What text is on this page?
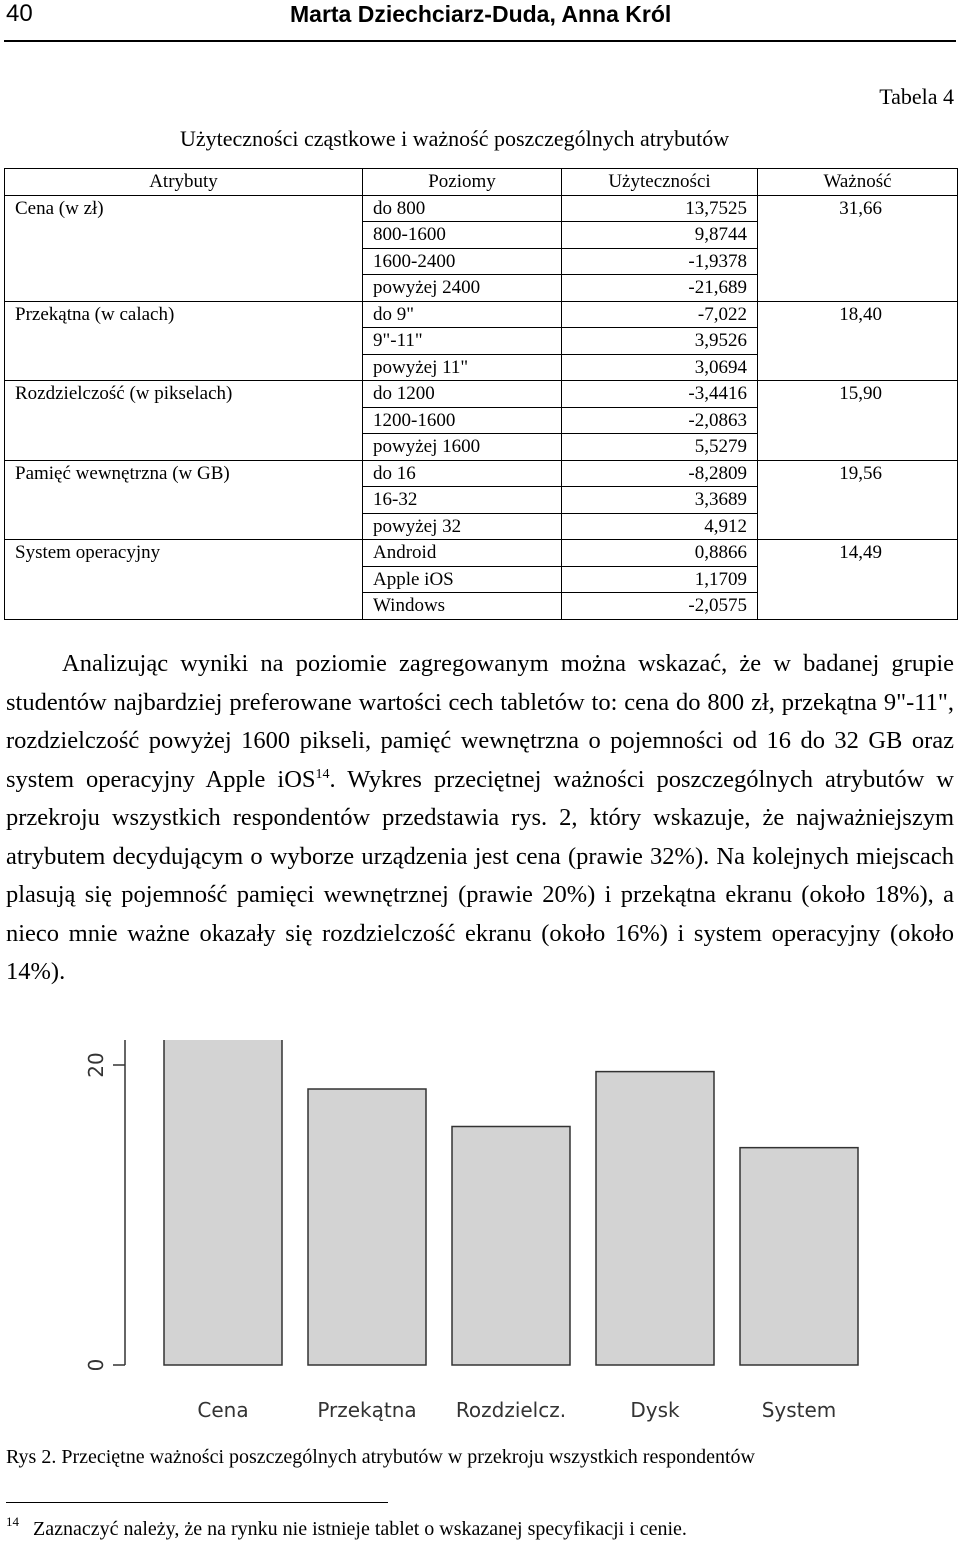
40	Marta Dziechciarz-Duda, Anna Król
Tabela 4
Użyteczności cząstkowe i ważność poszczególnych atrybutów
Atrybuty	Poziomy	Użyteczności	Ważność
Cena (w zł)	do 800	13,7525	31,66
	800-1600	9,8744	
	1600-2400	-1,9378	
	powyżej 2400	-21,689	
Przekątna (w calach)	do 9"	-7,022	18,40
	9"-11"	3,9526	
	powyżej 11"	3,0694	
Rozdzielczość (w pikselach)	do 1200	-3,4416	15,90
	1200-1600	-2,0863	
	powyżej 1600	5,5279	
Pamięć wewnętrzna (w GB)	do 16	-8,2809	19,56
	16-32	3,3689	
	powyżej 32	4,912	
System operacyjny	Android	0,8866	14,49
	Apple iOS	1,1709	
	Windows	-2,0575	
Analizując wyniki na poziomie zagregowanym można wskazać, że w badanej grupie studentów najbardziej preferowane wartości cech tabletów to: cena do 800 zł, przekątna 9"-11", rozdzielczość powyżej 1600 pikseli, pamięć wewnętrzna o pojemności od 16 do 32 GB oraz system operacyjny Apple iOS$^{14}$. Wykres przeciętnej ważności poszczególnych atrybutów w przekroju wszystkich respondentów przedstawia rys. 2, który wskazuje, że najważniejszym atrybutem decydującym o wyborze urządzenia jest cena (prawie 32%). Na kolejnych miejscach plasują się pojemność pamięci wewnętrznej (prawie 20%) i przekątna ekranu (około 18%), a nieco mnie ważne okazały się rozdzielczość ekranu (około 16%) i system operacyjny (około 14%).
0
20
Cena	Przekątna Rozdzielcz.	Dysk	System
Rys 2. Przeciętne ważności poszczególnych atrybutów w przekroju wszystkich respondentów
$^{14}$ Zaznaczyć należy, że na rynku nie istnieje tablet o wskazanej specyfikacji i cenie.
